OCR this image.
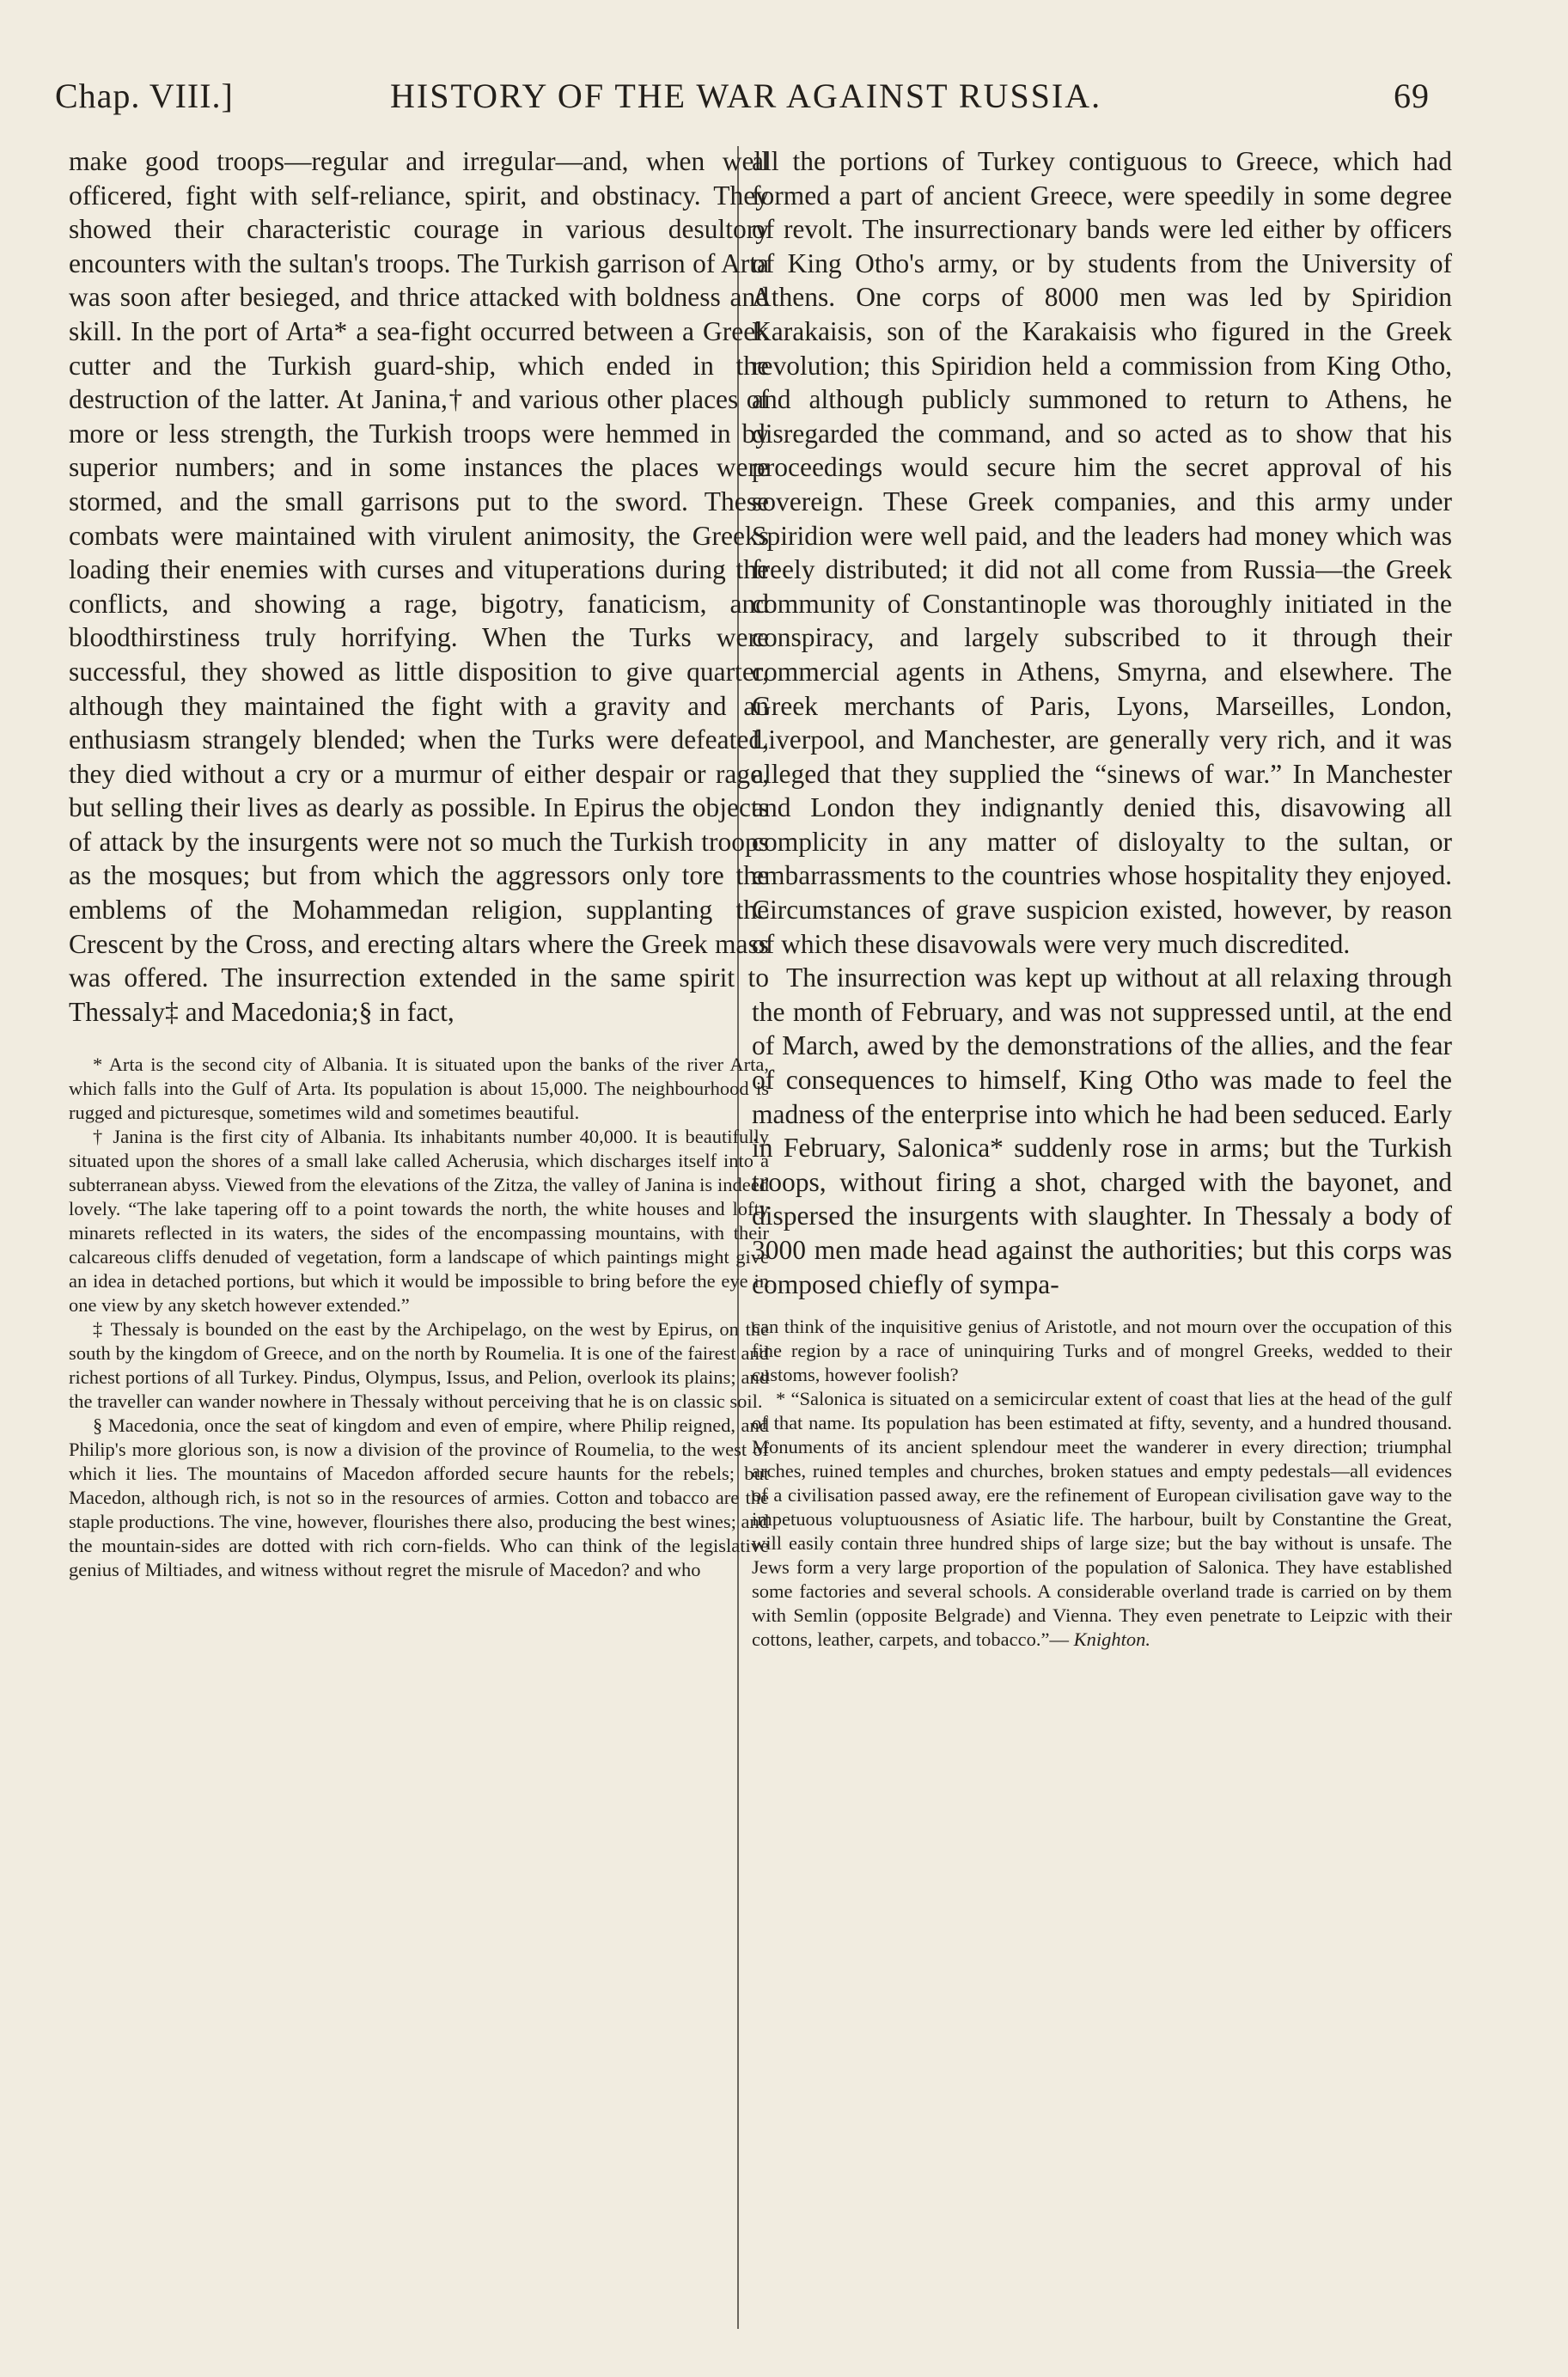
Chap. VIII.]	HISTORY OF THE WAR AGAINST RUSSIA.	69

make good troops—regular and irregular—and, when well officered, fight with self-reliance, spirit, and obstinacy. They showed their characteristic courage in various desultory encounters with the sultan's troops. The Turkish garrison of Arta was soon after besieged, and thrice attacked with boldness and skill. In the port of Arta* a sea-fight occurred between a Greek cutter and the Turkish guard-ship, which ended in the destruction of the latter. At Janina,† and various other places of more or less strength, the Turkish troops were hemmed in by superior numbers; and in some instances the places were stormed, and the small garrisons put to the sword. These combats were maintained with virulent animosity, the Greeks loading their enemies with curses and vituperations during the conflicts, and showing a rage, bigotry, fanaticism, and bloodthirstiness truly horrifying. When the Turks were successful, they showed as little disposition to give quarter, although they maintained the fight with a gravity and an enthusiasm strangely blended; when the Turks were defeated, they died without a cry or a murmur of either despair or rage, but selling their lives as dearly as possible. In Epirus the objects of attack by the insurgents were not so much the Turkish troops as the mosques; but from which the aggressors only tore the emblems of the Mohammedan religion, supplanting the Crescent by the Cross, and erecting altars where the Greek mass was offered. The insurrection extended in the same spirit to Thessaly‡ and Macedonia;§ in fact,

* Arta is the second city of Albania. It is situated upon the banks of the river Arta, which falls into the Gulf of Arta. Its population is about 15,000. The neighbourhood is rugged and picturesque, sometimes wild and sometimes beautiful.

† Janina is the first city of Albania. Its inhabitants number 40,000. It is beautifully situated upon the shores of a small lake called Acherusia, which discharges itself into a subterranean abyss. Viewed from the elevations of the Zitza, the valley of Janina is indeed lovely. “The lake tapering off to a point towards the north, the white houses and lofty minarets reflected in its waters, the sides of the encompassing mountains, with their calcareous cliffs denuded of vegetation, form a landscape of which paintings might give an idea in detached portions, but which it would be impossible to bring before the eye in one view by any sketch however extended.”

‡ Thessaly is bounded on the east by the Archipelago, on the west by Epirus, on the south by the kingdom of Greece, and on the north by Roumelia. It is one of the fairest and richest portions of all Turkey. Pindus, Olympus, Issus, and Pelion, overlook its plains; and the traveller can wander nowhere in Thessaly without perceiving that he is on classic soil.

§ Macedonia, once the seat of kingdom and even of empire, where Philip reigned, and Philip's more glorious son, is now a division of the province of Roumelia, to the west of which it lies. The mountains of Macedon afforded secure haunts for the rebels; but Macedon, although rich, is not so in the resources of armies. Cotton and tobacco are the staple productions. The vine, however, flourishes there also, producing the best wines; and the mountain-sides are dotted with rich corn-fields. Who can think of the legislative genius of Miltiades, and witness without regret the misrule of Macedon? and who

all the portions of Turkey contiguous to Greece, which had formed a part of ancient Greece, were speedily in some degree of revolt. The insurrectionary bands were led either by officers of King Otho's army, or by students from the University of Athens. One corps of 8000 men was led by Spiridion Karakaisis, son of the Karakaisis who figured in the Greek revolution; this Spiridion held a commission from King Otho, and although publicly summoned to return to Athens, he disregarded the command, and so acted as to show that his proceedings would secure him the secret approval of his sovereign. These Greek companies, and this army under Spiridion were well paid, and the leaders had money which was freely distributed; it did not all come from Russia—the Greek community of Constantinople was thoroughly initiated in the conspiracy, and largely subscribed to it through their commercial agents in Athens, Smyrna, and elsewhere. The Greek merchants of Paris, Lyons, Marseilles, London, Liverpool, and Manchester, are generally very rich, and it was alleged that they supplied the “sinews of war.” In Manchester and London they indignantly denied this, disavowing all complicity in any matter of disloyalty to the sultan, or embarrassments to the countries whose hospitality they enjoyed. Circumstances of grave suspicion existed, however, by reason of which these disavowals were very much discredited.

The insurrection was kept up without at all relaxing through the month of February, and was not suppressed until, at the end of March, awed by the demonstrations of the allies, and the fear of consequences to himself, King Otho was made to feel the madness of the enterprise into which he had been seduced. Early in February, Salonica* suddenly rose in arms; but the Turkish troops, without firing a shot, charged with the bayonet, and dispersed the insurgents with slaughter. In Thessaly a body of 3000 men made head against the authorities; but this corps was composed chiefly of sympa-

can think of the inquisitive genius of Aristotle, and not mourn over the occupation of this fine region by a race of uninquiring Turks and of mongrel Greeks, wedded to their customs, however foolish?

* “Salonica is situated on a semicircular extent of coast that lies at the head of the gulf of that name. Its population has been estimated at fifty, seventy, and a hundred thousand. Monuments of its ancient splendour meet the wanderer in every direction; triumphal arches, ruined temples and churches, broken statues and empty pedestals—all evidences of a civilisation passed away, ere the refinement of European civilisation gave way to the impetuous voluptuousness of Asiatic life. The harbour, built by Constantine the Great, will easily contain three hundred ships of large size; but the bay without is unsafe. The Jews form a very large proportion of the population of Salonica. They have established some factories and several schools. A considerable overland trade is carried on by them with Semlin (opposite Belgrade) and Vienna. They even penetrate to Leipzic with their cottons, leather, carpets, and tobacco.”— Knighton.
